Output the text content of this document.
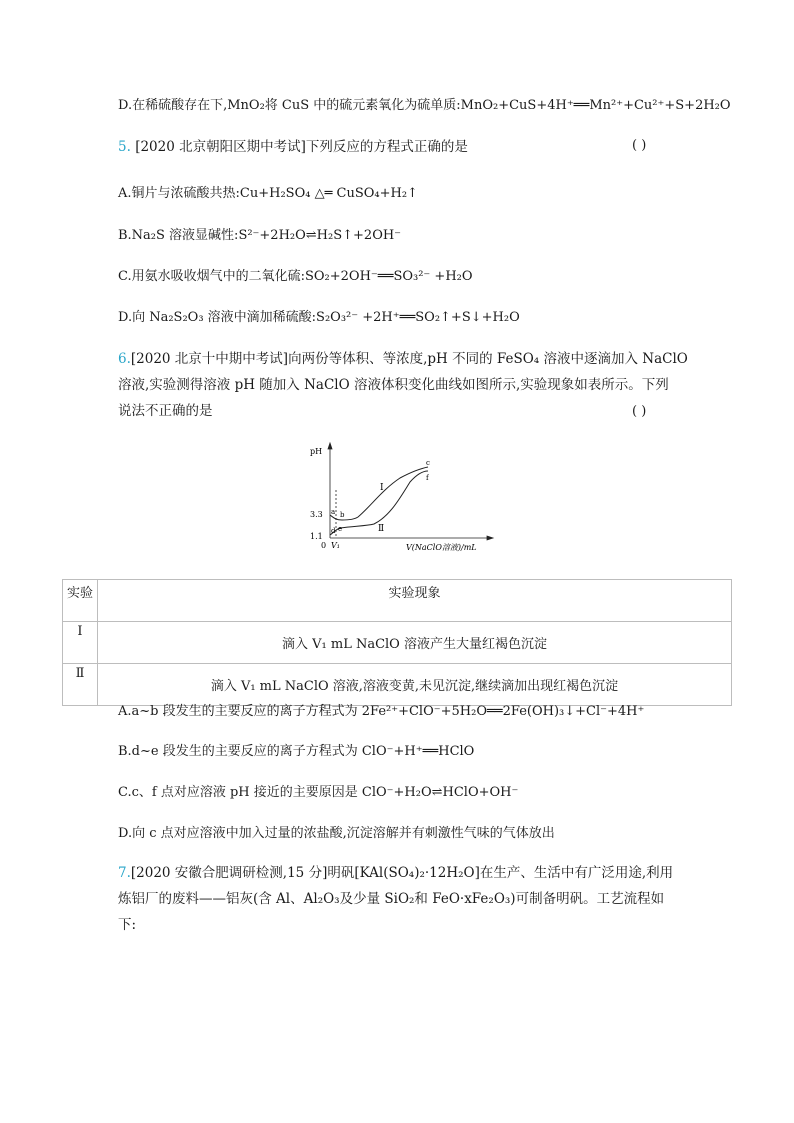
D.在稀硫酸存在下,MnO₂将 CuS 中的硫元素氧化为硫单质:MnO₂+CuS+4H⁺══Mn²⁺+Cu²⁺+S+2H₂O
5. [2020 北京朝阳区期中考试]下列反应的方程式正确的是	( )
A.铜片与浓硫酸共热:Cu+H₂SO₄ △═ CuSO₄+H₂↑
B.Na₂S 溶液显碱性:S²⁻+2H₂O⇌H₂S↑+2OH⁻
C.用氨水吸收烟气中的二氧化硫:SO₂+2OH⁻══SO₃²⁻ +H₂O
D.向 Na₂S₂O₃ 溶液中滴加稀硫酸:S₂O₃²⁻ +2H⁺══SO₂↑+S↓+H₂O
6.[2020 北京十中期中考试]向两份等体积、等浓度,pH 不同的 FeSO₄ 溶液中逐滴加入 NaClO
溶液,实验测得溶液 pH 随加入 NaClO 溶液体积变化曲线如图所示,实验现象如表所示。下列
说法不正确的是	( )
pH
V(NaClO溶液)/mL
3.3
1.1
0 V₁
Ⅰ
Ⅱ
a b
c
d e
f
实验	实验现象
Ⅰ	滴入 V₁ mL NaClO 溶液产生大量红褐色沉淀
Ⅱ	滴入 V₁ mL NaClO 溶液,溶液变黄,未见沉淀,继续滴加出现红褐色沉淀
A.a~b 段发生的主要反应的离子方程式为 2Fe²⁺+ClO⁻+5H₂O══2Fe(OH)₃↓+Cl⁻+4H⁺
B.d~e 段发生的主要反应的离子方程式为 ClO⁻+H⁺══HClO
C.c、f 点对应溶液 pH 接近的主要原因是 ClO⁻+H₂O⇌HClO+OH⁻
D.向 c 点对应溶液中加入过量的浓盐酸,沉淀溶解并有刺激性气味的气体放出
7.[2020 安徽合肥调研检测,15 分]明矾[KAl(SO₄)₂·12H₂O]在生产、生活中有广泛用途,利用
炼铝厂的废料——铝灰(含 Al、Al₂O₃及少量 SiO₂和 FeO·xFe₂O₃)可制备明矾。工艺流程如
下:
